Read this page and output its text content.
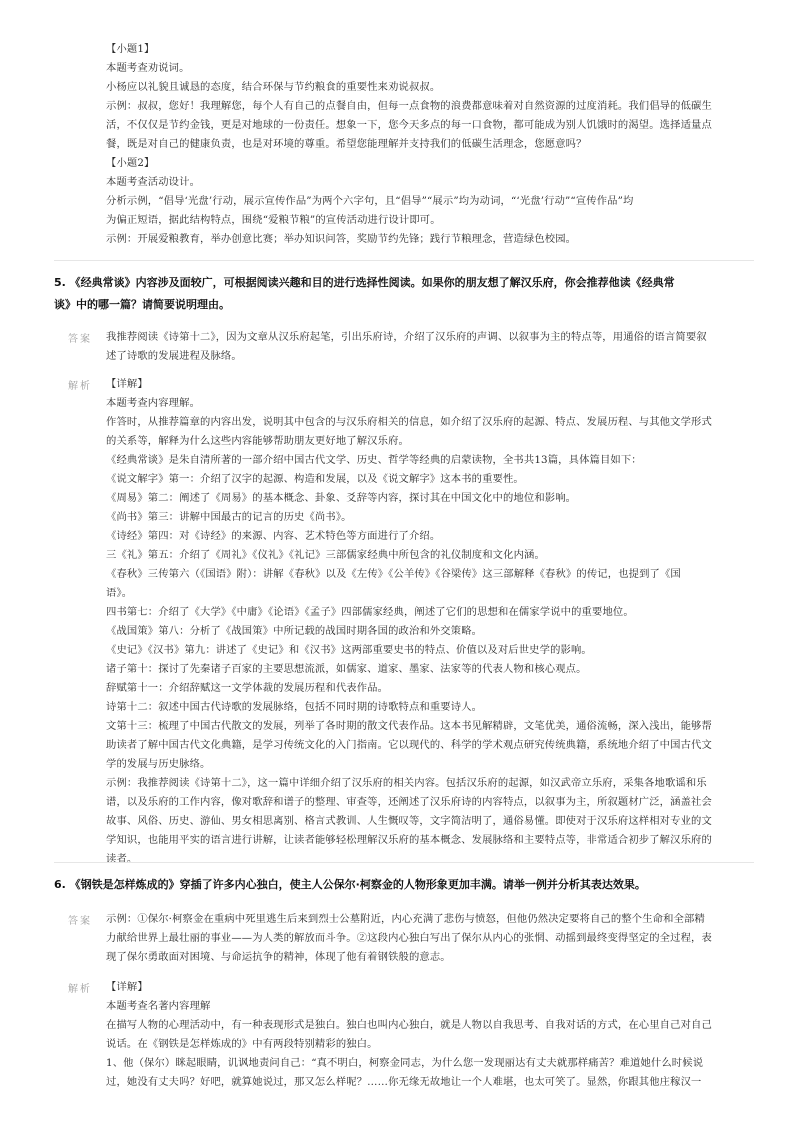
【小题1】
本题考查劝说词。
小杨应以礼貌且诚恳的态度，结合环保与节约粮食的重要性来劝说叔叔。
示例：叔叔，您好！我理解您，每个人有自己的点餐自由，但每一点食物的浪费都意味着对自然资源的过度消耗。我们倡导的低碳生
活，不仅仅是节约金钱，更是对地球的一份责任。想象一下，您今天多点的每一口食物，都可能成为别人饥饿时的渴望。选择适量点
餐，既是对自己的健康负责，也是对环境的尊重。希望您能理解并支持我们的低碳生活理念，您愿意吗？
【小题2】
本题考查活动设计。
分析示例，“倡导‘光盘’行动，展示宣传作品”为两个六字句，且“倡导”“展示”均为动词，“‘光盘’行动”“宣传作品”均
为偏正短语，据此结构特点，围绕“爱粮节粮”的宣传活动进行设计即可。
示例：开展爱粮教育，举办创意比赛；举办知识问答，奖励节约先锋；践行节粮理念，营造绿色校园。
5. 《经典常谈》内容涉及面较广，可根据阅读兴趣和目的进行选择性阅读。如果你的朋友想了解汉乐府，你会推荐他读《经典常
谈》中的哪一篇？请简要说明理由。
答案 我推荐阅读《诗第十二》，因为文章从汉乐府起笔，引出乐府诗，介绍了汉乐府的声调、以叙事为主的特点等，用通俗的语言简要叙
述了诗歌的发展进程及脉络。
解析 【详解】
本题考查内容理解。
作答时，从推荐篇章的内容出发，说明其中包含的与汉乐府相关的信息，如介绍了汉乐府的起源、特点、发展历程、与其他文学形式
的关系等，解释为什么这些内容能够帮助朋友更好地了解汉乐府。
《经典常谈》是朱自清所著的一部介绍中国古代文学、历史、哲学等经典的启蒙读物，全书共13篇，具体篇目如下：
《说文解字》第一：介绍了汉字的起源、构造和发展，以及《说文解字》这本书的重要性。
《周易》第二：阐述了《周易》的基本概念、卦象、爻辞等内容，探讨其在中国文化中的地位和影响。
《尚书》第三：讲解中国最古的记言的历史《尚书》。
《诗经》第四：对《诗经》的来源、内容、艺术特色等方面进行了介绍。
三《礼》第五：介绍了《周礼》《仪礼》《礼记》三部儒家经典中所包含的礼仪制度和文化内涵。
《春秋》三传第六（《国语》附）：讲解《春秋》以及《左传》《公羊传》《谷梁传》这三部解释《春秋》的传记，也提到了《国
语》。
四书第七：介绍了《大学》《中庸》《论语》《孟子》四部儒家经典，阐述了它们的思想和在儒家学说中的重要地位。
《战国策》第八：分析了《战国策》中所记载的战国时期各国的政治和外交策略。
《史记》《汉书》第九：讲述了《史记》和《汉书》这两部重要史书的特点、价值以及对后世史学的影响。
诸子第十：探讨了先秦诸子百家的主要思想流派，如儒家、道家、墨家、法家等的代表人物和核心观点。
辞赋第十一：介绍辞赋这一文学体裁的发展历程和代表作品。
诗第十二：叙述中国古代诗歌的发展脉络，包括不同时期的诗歌特点和重要诗人。
文第十三：梳理了中国古代散文的发展，列举了各时期的散文代表作品。这本书见解精辟，文笔优美，通俗流畅，深入浅出，能够帮
助读者了解中国古代文化典籍，是学习传统文化的入门指南。它以现代的、科学的学术观点研究传统典籍，系统地介绍了中国古代文
学的发展与历史脉络。
示例：我推荐阅读《诗第十二》，这一篇中详细介绍了汉乐府的相关内容。包括汉乐府的起源，如汉武帝立乐府，采集各地歌谣和乐
谱，以及乐府的工作内容，像对歌辞和谱子的整理、审查等，还阐述了汉乐府诗的内容特点，以叙事为主，所叙题材广泛，涵盖社会
故事、风俗、历史、游仙、男女相思离别、格言式教训、人生慨叹等，文字简洁明了，通俗易懂。即使对于汉乐府这样相对专业的文
学知识，也能用平实的语言进行讲解，让读者能够轻松理解汉乐府的基本概念、发展脉络和主要特点等，非常适合初步了解汉乐府的
读者。
6. 《钢铁是怎样炼成的》穿插了许多内心独白，使主人公保尔·柯察金的人物形象更加丰满。请举一例并分析其表达效果。
答案 示例：①保尔·柯察金在重病中死里逃生后来到烈士公墓附近，内心充满了悲伤与愤怒，但他仍然决定要将自己的整个生命和全部精
力献给世界上最壮丽的事业——为人类的解放而斗争。②这段内心独白写出了保尔从内心的张惘、动摇到最终变得坚定的全过程，表
现了保尔勇敢面对困境、与命运抗争的精神，体现了他有着钢铁般的意志。
解析 【详解】
本题考查名著内容理解
在描写人物的心理活动中，有一种表现形式是独白。独白也叫内心独白，就是人物以自我思考、自我对话的方式，在心里自己对自己
说话。在《钢铁是怎样炼成的》中有两段特别精彩的独白。
1、他（保尔）眯起眼睛，讥讽地责问自己：“真不明白，柯察金同志，为什么您一发现丽达有丈夫就那样痛苦？难道她什么时候说
过，她没有丈夫吗？好吧，就算她说过，那又怎么样呢？……你无缘无故地让一个人难堪，也太可笑了。显然，你跟其他庄稼汉一
